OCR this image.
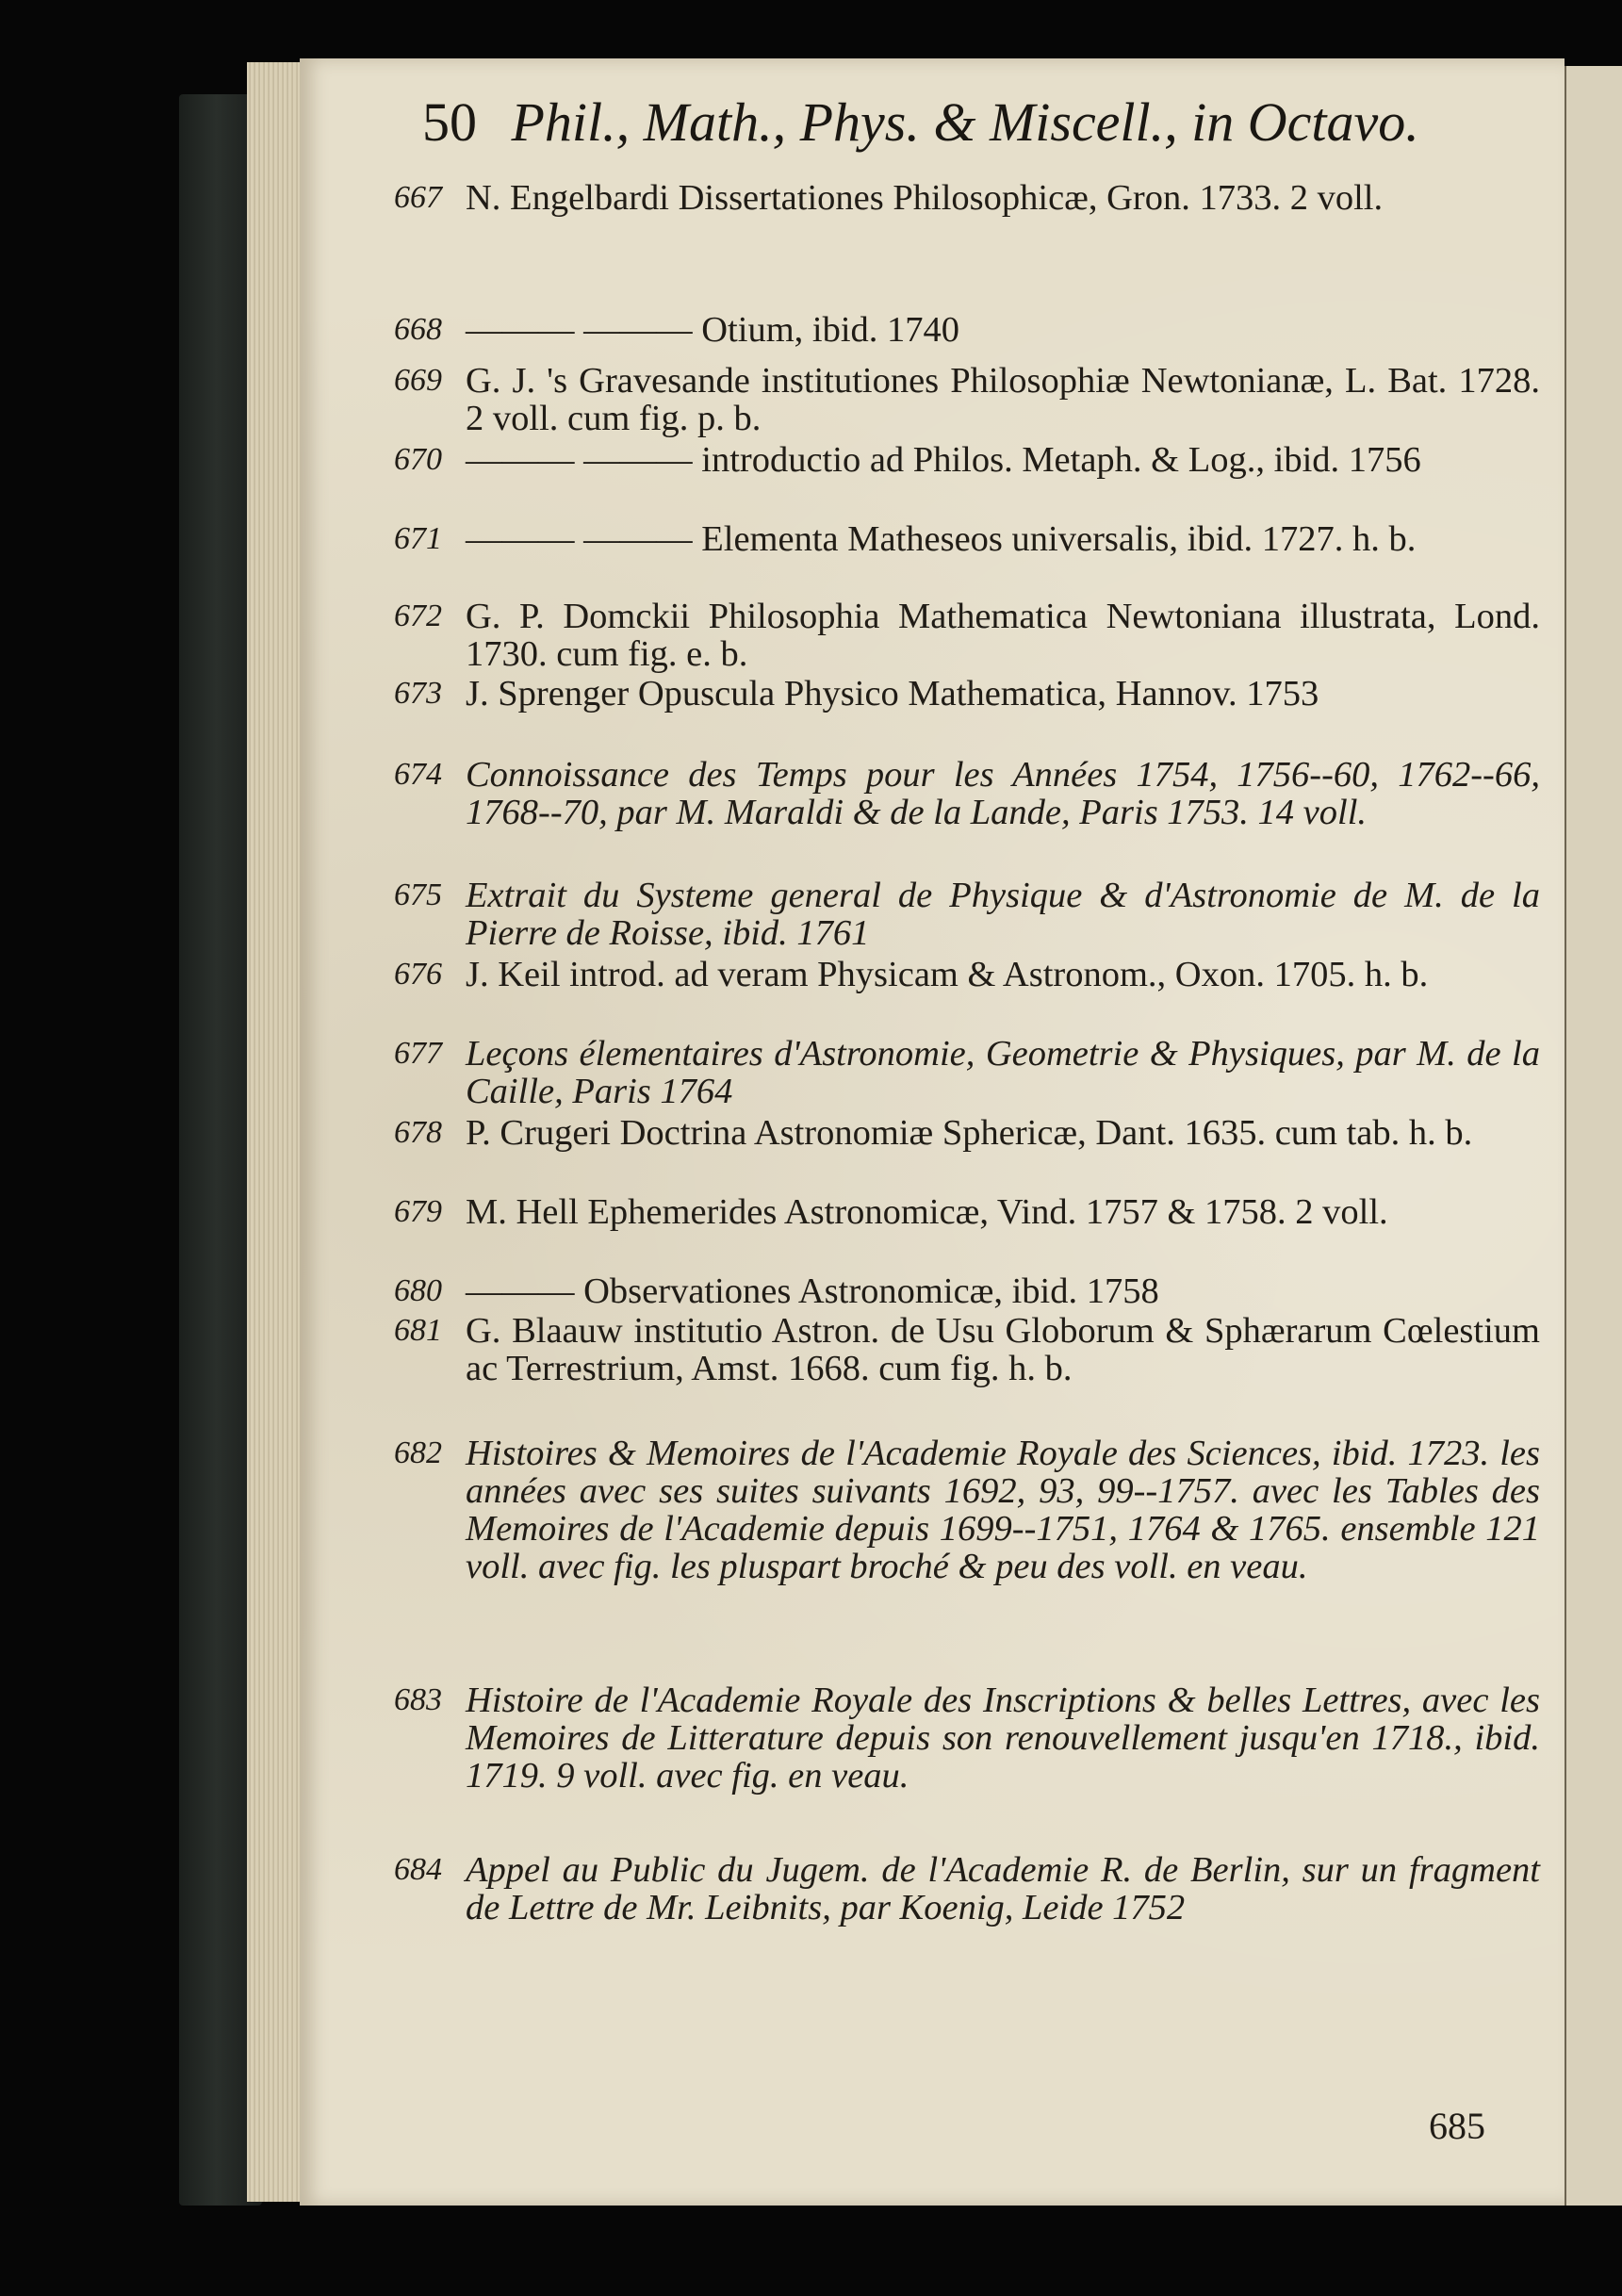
50 Phil., Math., Phys. & Miscell., in Octavo.
667 N. Engelbardi Dissertationes Philosophicæ, Gron. 1733. 2 voll.
668 ——— ——— Otium, ibid. 1740
669 G. J. 's Gravesande institutiones Philosophiæ Newtonianæ, L. Bat. 1728. 2 voll. cum fig. p. b.
670 ——— ——— introductio ad Philos. Metaph. & Log., ibid. 1756
671 ——— ——— Elementa Matheseos universalis, ibid. 1727. h. b.
672 G. P. Domckii Philosophia Mathematica Newtoniana illustrata, Lond. 1730. cum fig. e. b.
673 J. Sprenger Opuscula Physico Mathematica, Hannov. 1753
674 Connoissance des Temps pour les Années 1754, 1756--60, 1762--66, 1768--70, par M. Maraldi & de la Lande, Paris 1753. 14 voll.
675 Extrait du Systeme general de Physique & d'Astronomie de M. de la Pierre de Roisse, ibid. 1761
676 J. Keil introd. ad veram Physicam & Astronom., Oxon. 1705. h. b.
677 Leçons élementaires d'Astronomie, Geometrie & Physiques, par M. de la Caille, Paris 1764
678 P. Crugeri Doctrina Astronomiæ Sphericæ, Dant. 1635. cum tab. h. b.
679 M. Hell Ephemerides Astronomicæ, Vind. 1757 & 1758. 2 voll.
680 ——— Observationes Astronomicæ, ibid. 1758
681 G. Blaauw institutio Astron. de Usu Globorum & Sphærarum Cœlestium ac Terrestrium, Amst. 1668. cum fig. h. b.
682 Histoires & Memoires de l'Academie Royale des Sciences, ibid. 1723. les années avec ses suites suivants 1692, 93, 99--1757. avec les Tables des Memoires de l'Academie depuis 1699--1751, 1764 & 1765. ensemble 121 voll. avec fig. les pluspart broché & peu des voll. en veau.
683 Histoire de l'Academie Royale des Inscriptions & belles Lettres, avec les Memoires de Litterature depuis son renouvellement jusqu'en 1718., ibid. 1719. 9 voll. avec fig. en veau.
684 Appel au Public du Jugem. de l'Academie R. de Berlin, sur un fragment de Lettre de Mr. Leibnits, par Koenig, Leide 1752
685
